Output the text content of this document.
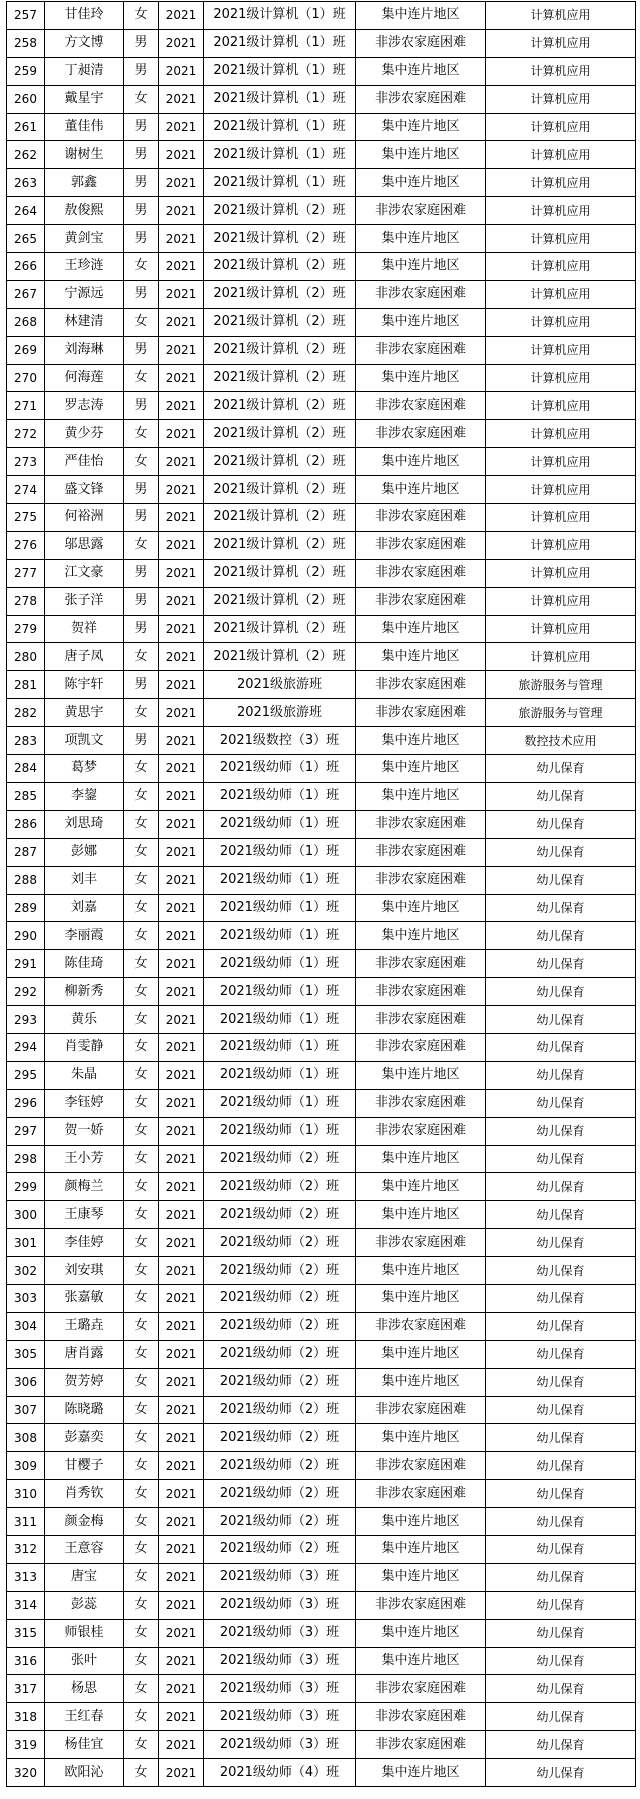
257	甘佳玲	女	2021	2021级计算机（1）班	集中连片地区	计算机应用
258	方文博	男	2021	2021级计算机（1）班	非涉农家庭困难	计算机应用
259	丁昶清	男	2021	2021级计算机（1）班	集中连片地区	计算机应用
260	戴星宇	女	2021	2021级计算机（1）班	非涉农家庭困难	计算机应用
261	董佳伟	男	2021	2021级计算机（1）班	集中连片地区	计算机应用
262	谢树生	男	2021	2021级计算机（1）班	集中连片地区	计算机应用
263	郭鑫	男	2021	2021级计算机（1）班	集中连片地区	计算机应用
264	敖俊熙	男	2021	2021级计算机（2）班	非涉农家庭困难	计算机应用
265	黄剑宝	男	2021	2021级计算机（2）班	集中连片地区	计算机应用
266	王珍涟	女	2021	2021级计算机（2）班	集中连片地区	计算机应用
267	宁源远	男	2021	2021级计算机（2）班	非涉农家庭困难	计算机应用
268	林建清	女	2021	2021级计算机（2）班	集中连片地区	计算机应用
269	刘海琳	男	2021	2021级计算机（2）班	非涉农家庭困难	计算机应用
270	何海莲	女	2021	2021级计算机（2）班	集中连片地区	计算机应用
271	罗志涛	男	2021	2021级计算机（2）班	非涉农家庭困难	计算机应用
272	黄少芬	女	2021	2021级计算机（2）班	非涉农家庭困难	计算机应用
273	严佳怡	女	2021	2021级计算机（2）班	集中连片地区	计算机应用
274	盛文锋	男	2021	2021级计算机（2）班	集中连片地区	计算机应用
275	何裕洲	男	2021	2021级计算机（2）班	非涉农家庭困难	计算机应用
276	邬思露	女	2021	2021级计算机（2）班	非涉农家庭困难	计算机应用
277	江文豪	男	2021	2021级计算机（2）班	非涉农家庭困难	计算机应用
278	张子洋	男	2021	2021级计算机（2）班	非涉农家庭困难	计算机应用
279	贺祥	男	2021	2021级计算机（2）班	集中连片地区	计算机应用
280	唐子凤	女	2021	2021级计算机（2）班	集中连片地区	计算机应用
281	陈宇轩	男	2021	2021级旅游班	非涉农家庭困难	旅游服务与管理
282	黄思宇	女	2021	2021级旅游班	非涉农家庭困难	旅游服务与管理
283	项凯文	男	2021	2021级数控（3）班	集中连片地区	数控技术应用
284	葛梦	女	2021	2021级幼师（1）班	集中连片地区	幼儿保育
285	李鋆	女	2021	2021级幼师（1）班	集中连片地区	幼儿保育
286	刘思琦	女	2021	2021级幼师（1）班	非涉农家庭困难	幼儿保育
287	彭娜	女	2021	2021级幼师（1）班	非涉农家庭困难	幼儿保育
288	刘丰	女	2021	2021级幼师（1）班	非涉农家庭困难	幼儿保育
289	刘嘉	女	2021	2021级幼师（1）班	集中连片地区	幼儿保育
290	李丽霞	女	2021	2021级幼师（1）班	集中连片地区	幼儿保育
291	陈佳琦	女	2021	2021级幼师（1）班	非涉农家庭困难	幼儿保育
292	柳新秀	女	2021	2021级幼师（1）班	非涉农家庭困难	幼儿保育
293	黄乐	女	2021	2021级幼师（1）班	非涉农家庭困难	幼儿保育
294	肖雯静	女	2021	2021级幼师（1）班	非涉农家庭困难	幼儿保育
295	朱晶	女	2021	2021级幼师（1）班	集中连片地区	幼儿保育
296	李钰婷	女	2021	2021级幼师（1）班	非涉农家庭困难	幼儿保育
297	贺一娇	女	2021	2021级幼师（1）班	非涉农家庭困难	幼儿保育
298	王小芳	女	2021	2021级幼师（2）班	集中连片地区	幼儿保育
299	颜梅兰	女	2021	2021级幼师（2）班	集中连片地区	幼儿保育
300	王康琴	女	2021	2021级幼师（2）班	集中连片地区	幼儿保育
301	李佳婷	女	2021	2021级幼师（2）班	非涉农家庭困难	幼儿保育
302	刘安琪	女	2021	2021级幼师（2）班	集中连片地区	幼儿保育
303	张嘉敏	女	2021	2021级幼师（2）班	集中连片地区	幼儿保育
304	王璐垚	女	2021	2021级幼师（2）班	非涉农家庭困难	幼儿保育
305	唐肖露	女	2021	2021级幼师（2）班	集中连片地区	幼儿保育
306	贺芳婷	女	2021	2021级幼师（2）班	集中连片地区	幼儿保育
307	陈晓璐	女	2021	2021级幼师（2）班	非涉农家庭困难	幼儿保育
308	彭嘉奕	女	2021	2021级幼师（2）班	集中连片地区	幼儿保育
309	甘樱子	女	2021	2021级幼师（2）班	非涉农家庭困难	幼儿保育
310	肖秀钦	女	2021	2021级幼师（2）班	非涉农家庭困难	幼儿保育
311	颜金梅	女	2021	2021级幼师（2）班	集中连片地区	幼儿保育
312	王意容	女	2021	2021级幼师（2）班	集中连片地区	幼儿保育
313	唐宝	女	2021	2021级幼师（3）班	集中连片地区	幼儿保育
314	彭蕊	女	2021	2021级幼师（3）班	非涉农家庭困难	幼儿保育
315	师银桂	女	2021	2021级幼师（3）班	集中连片地区	幼儿保育
316	张叶	女	2021	2021级幼师（3）班	集中连片地区	幼儿保育
317	杨思	女	2021	2021级幼师（3）班	非涉农家庭困难	幼儿保育
318	王红春	女	2021	2021级幼师（3）班	非涉农家庭困难	幼儿保育
319	杨佳宜	女	2021	2021级幼师（3）班	非涉农家庭困难	幼儿保育
320	欧阳沁	女	2021	2021级幼师（4）班	集中连片地区	幼儿保育
